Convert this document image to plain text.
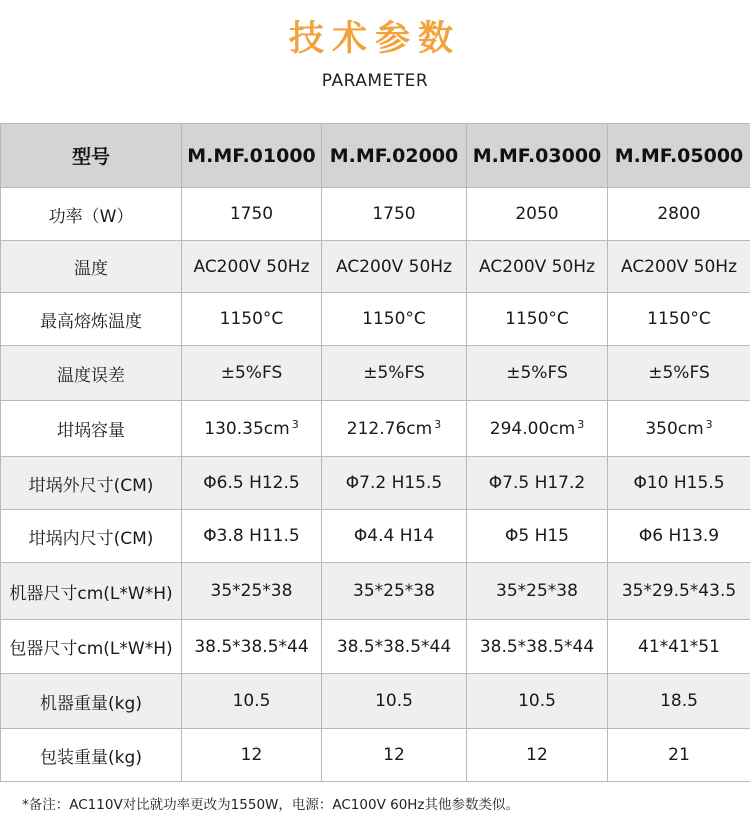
技术参数
PARAMETER
型号	M.MF.01000	M.MF.02000	M.MF.03000	M.MF.05000
功率（W）	1750	1750	2050	2800
温度	AC200V 50Hz	AC200V 50Hz	AC200V 50Hz	AC200V 50Hz
最高熔炼温度	1150°C	1150°C	1150°C	1150°C
温度误差	±5%FS	±5%FS	±5%FS	±5%FS
坩埚容量	130.35cm $^3$	212.76cm $^3$	294.00cm $^3$	350cm $^3$
坩埚外尺寸(CM)	Φ6.5 H12.5	Φ7.2 H15.5	Φ7.5 H17.2	Φ10 H15.5
坩埚内尺寸(CM)	Φ3.8 H11.5	Φ4.4 H14	Φ5 H15	Φ6 H13.9
机器尺寸cm(L*W*H)	35*25*38	35*25*38	35*25*38	35*29.5*43.5
包器尺寸cm(L*W*H)	38.5*38.5*44	38.5*38.5*44	38.5*38.5*44	41*41*51
机器重量(kg)	10.5	10.5	10.5	18.5
包装重量(kg)	12	12	12	21
*备注：AC110V对比就功率更改为1550W，电源：AC100V 60Hz其他参数类似。
